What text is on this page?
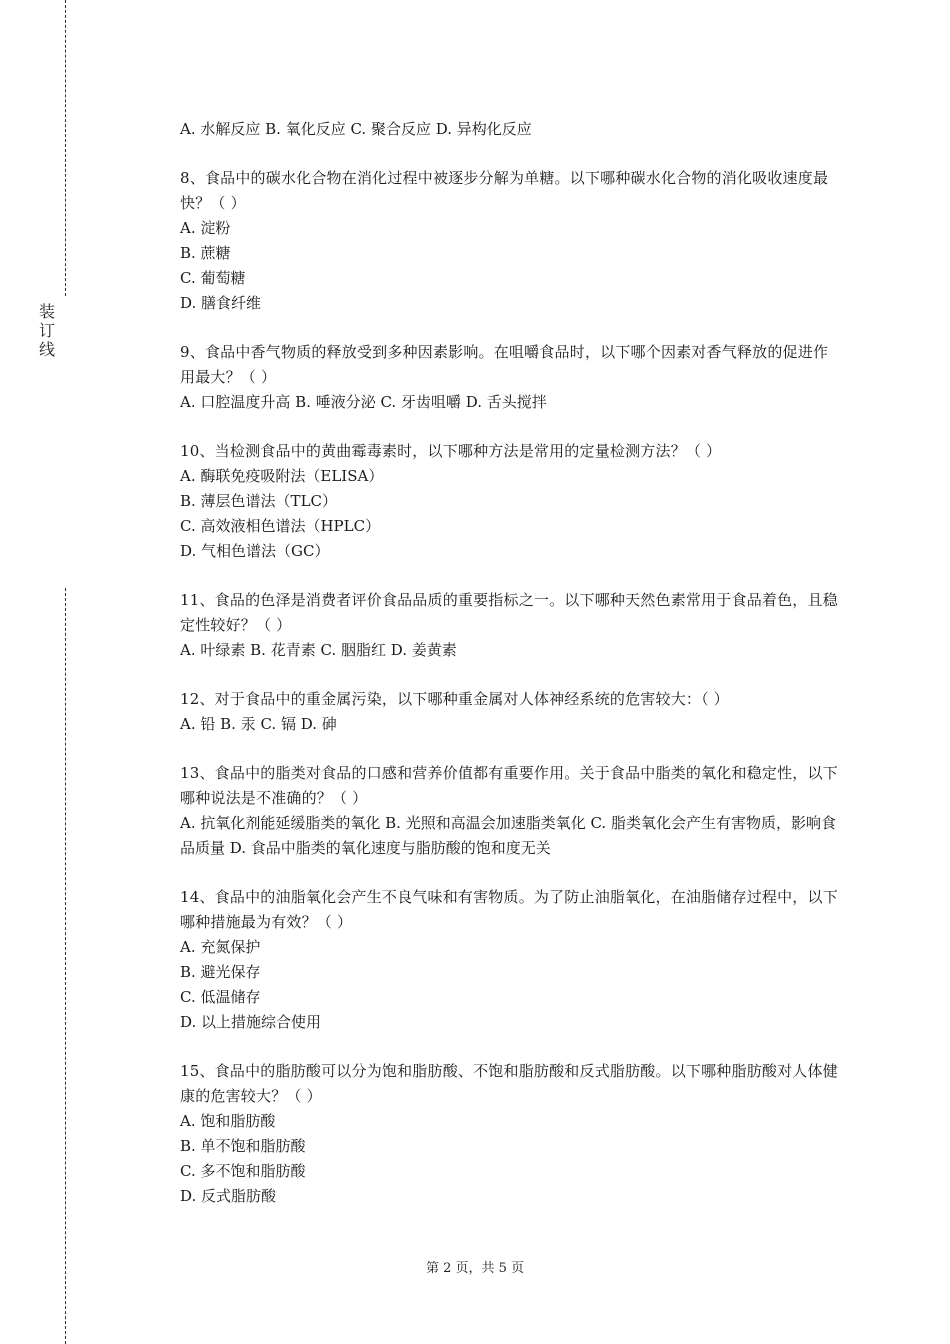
装
订
线

A. 水解反应 B. 氧化反应 C. 聚合反应 D. 异构化反应

8、食品中的碳水化合物在消化过程中被逐步分解为单糖。以下哪种碳水化合物的消化吸收速度最快？（ ）

A. 淀粉

B. 蔗糖

C. 葡萄糖

D. 膳食纤维

9、食品中香气物质的释放受到多种因素影响。在咀嚼食品时，以下哪个因素对香气释放的促进作用最大？（ ）

A. 口腔温度升高 B. 唾液分泌 C. 牙齿咀嚼 D. 舌头搅拌

10、当检测食品中的黄曲霉毒素时，以下哪种方法是常用的定量检测方法？（ ）

A. 酶联免疫吸附法（ELISA）

B. 薄层色谱法（TLC）

C. 高效液相色谱法（HPLC）

D. 气相色谱法（GC）

11、食品的色泽是消费者评价食品品质的重要指标之一。以下哪种天然色素常用于食品着色，且稳定性较好？（ ）

A. 叶绿素 B. 花青素 C. 胭脂红 D. 姜黄素

12、对于食品中的重金属污染，以下哪种重金属对人体神经系统的危害较大：（ ）

A. 铅 B. 汞 C. 镉 D. 砷

13、食品中的脂类对食品的口感和营养价值都有重要作用。关于食品中脂类的氧化和稳定性，以下哪种说法是不准确的？（ ）

A. 抗氧化剂能延缓脂类的氧化 B. 光照和高温会加速脂类氧化 C. 脂类氧化会产生有害物质，影响食品质量 D. 食品中脂类的氧化速度与脂肪酸的饱和度无关

14、食品中的油脂氧化会产生不良气味和有害物质。为了防止油脂氧化，在油脂储存过程中，以下哪种措施最为有效？（ ）

A. 充氮保护

B. 避光保存

C. 低温储存

D. 以上措施综合使用

15、食品中的脂肪酸可以分为饱和脂肪酸、不饱和脂肪酸和反式脂肪酸。以下哪种脂肪酸对人体健康的危害较大？（ ）

A. 饱和脂肪酸

B. 单不饱和脂肪酸

C. 多不饱和脂肪酸

D. 反式脂肪酸

第 2 页，共 5 页
